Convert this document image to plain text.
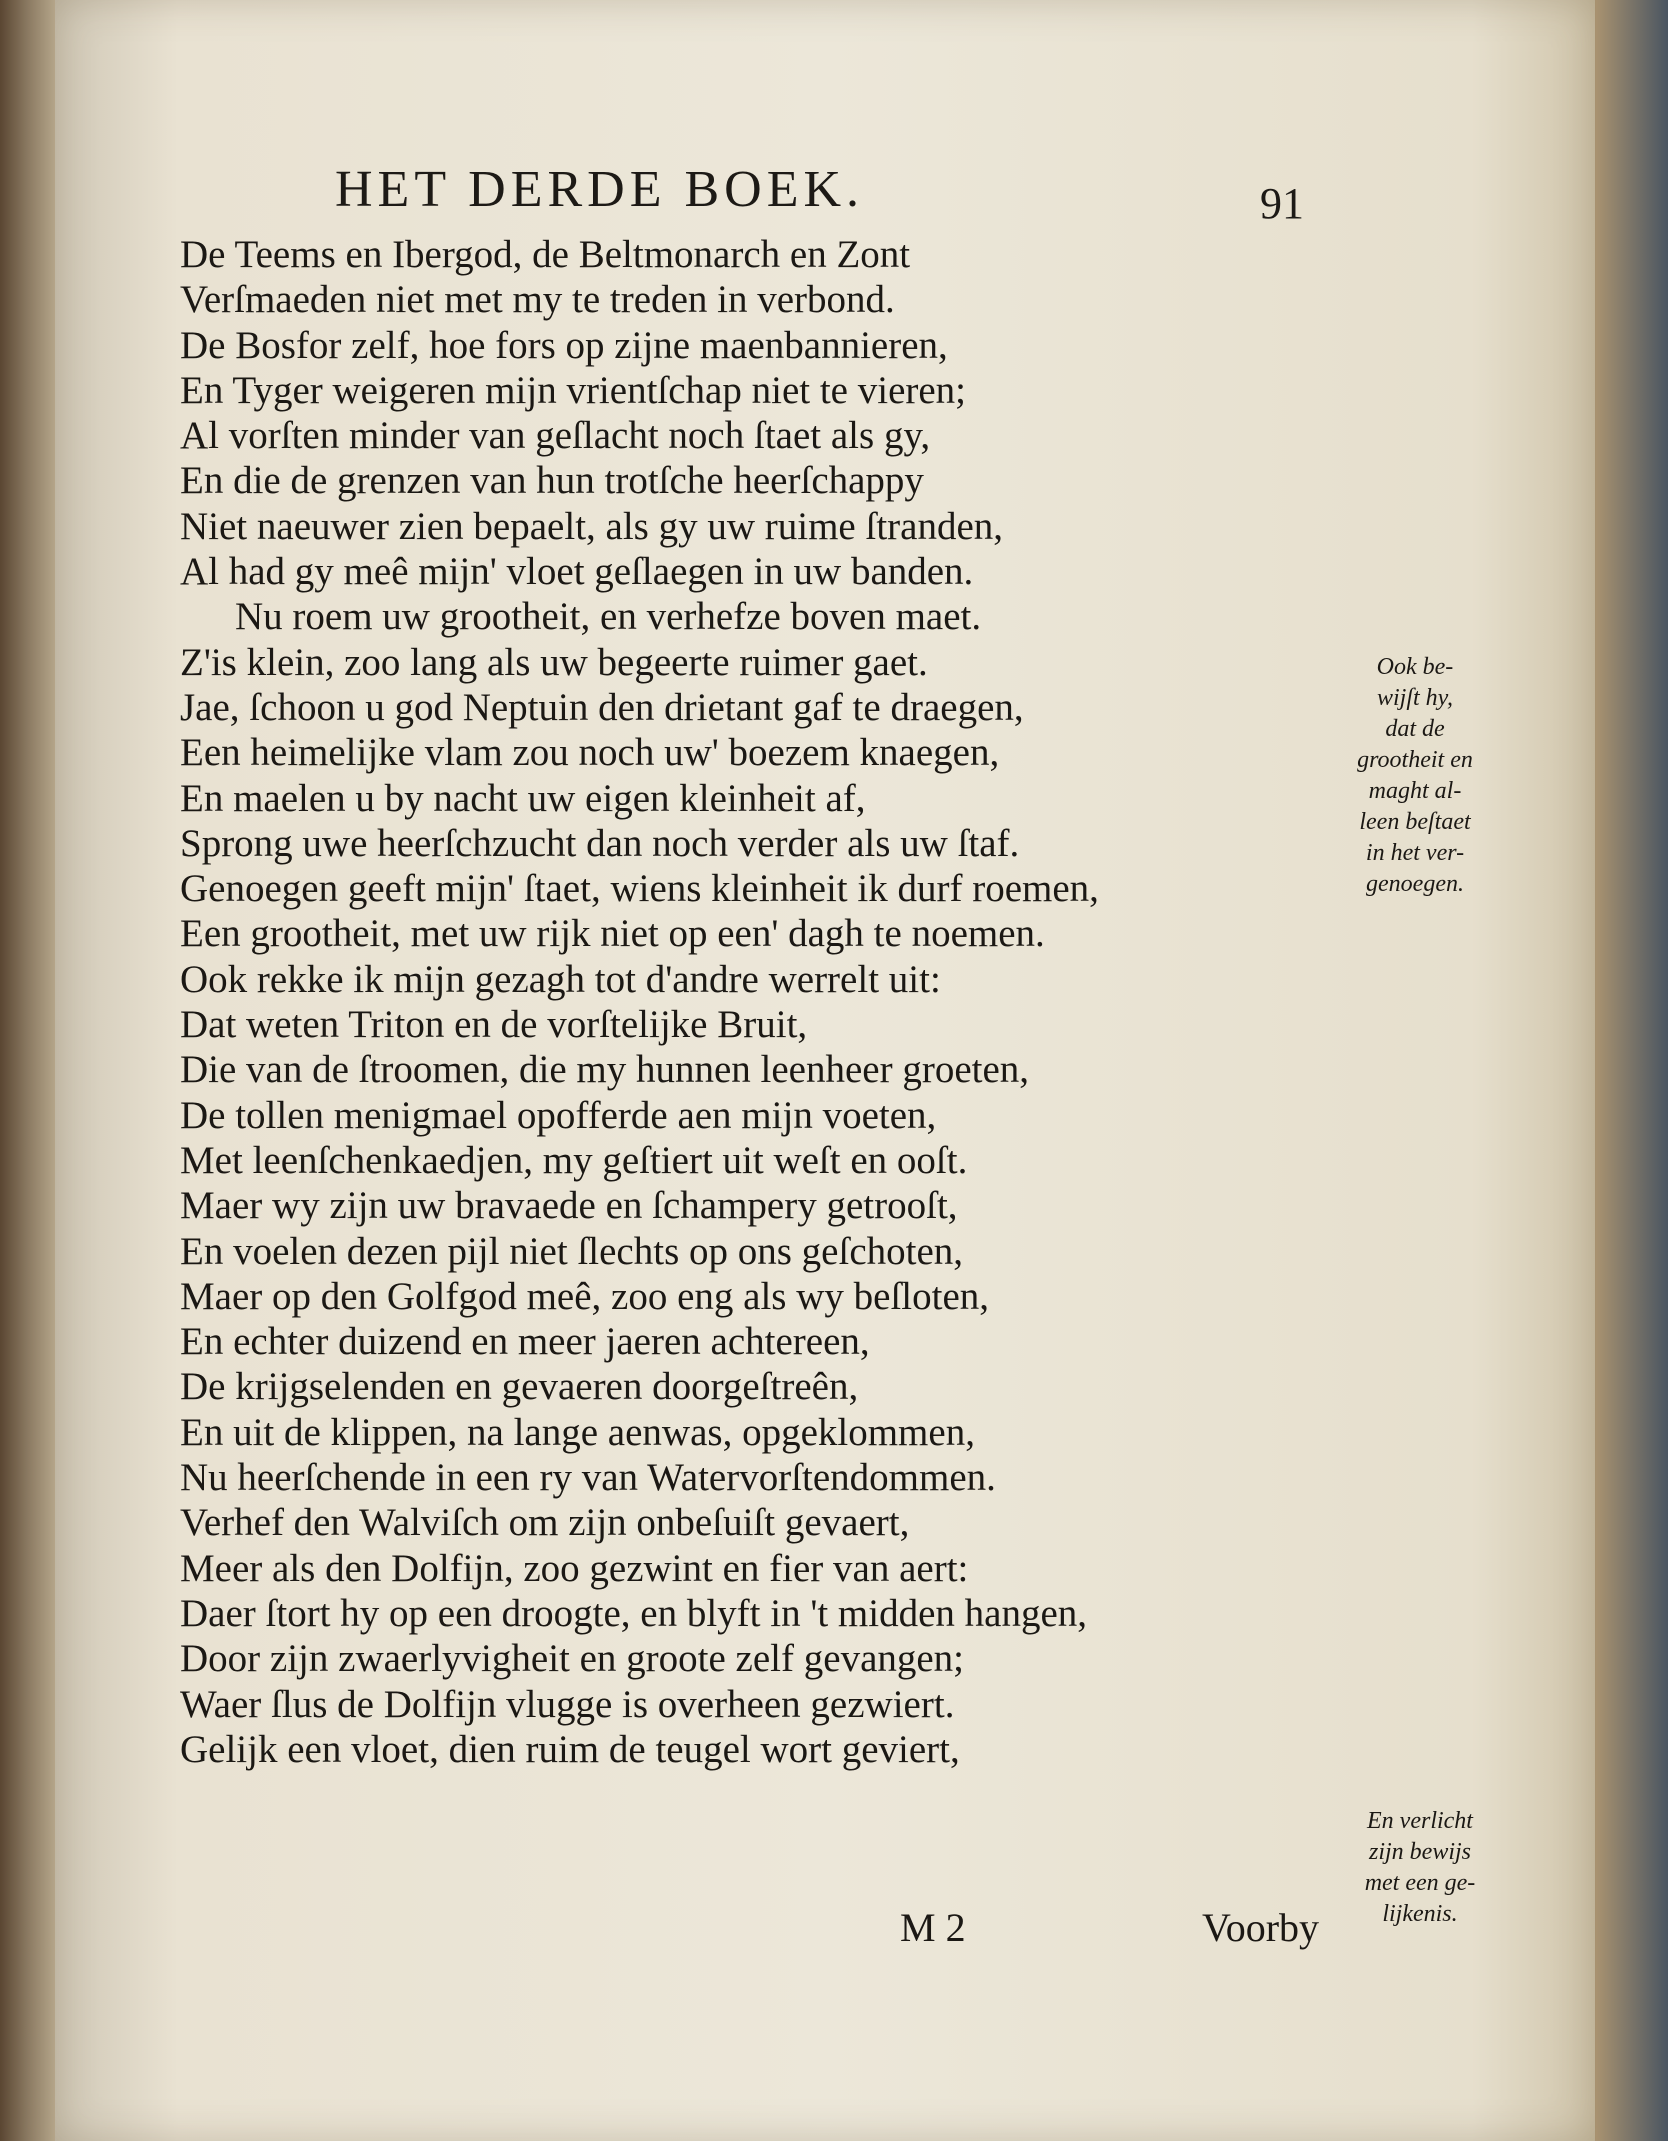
HET DERDE BOEK.	91
De Teems en Ibergod, de Beltmonarch en Zont
Verſmaeden niet met my te treden in verbond.
De Bosfor zelf, hoe fors op zijne maenbannieren,
En Tyger weigeren mijn vrientſchap niet te vieren;
Al vorſten minder van geſlacht noch ſtaet als gy,
En die de grenzen van hun trotſche heerſchappy
Niet naeuwer zien bepaelt, als gy uw ruime ſtranden,
Al had gy meê mijn' vloet geſlaegen in uw banden.
Nu roem uw grootheit, en verhefze boven maet.
Z'is klein, zoo lang als uw begeerte ruimer gaet.
Jae, ſchoon u god Neptuin den drietant gaf te draegen,
Een heimelijke vlam zou noch uw' boezem knaegen,
En maelen u by nacht uw eigen kleinheit af,
Sprong uwe heerſchzucht dan noch verder als uw ſtaf.
Genoegen geeft mijn' ſtaet, wiens kleinheit ik durf roemen,
Een grootheit, met uw rijk niet op een' dagh te noemen.
Ook rekke ik mijn gezagh tot d'andre werrelt uit:
Dat weten Triton en de vorſtelijke Bruit,
Die van de ſtroomen, die my hunnen leenheer groeten,
De tollen menigmael opofferde aen mijn voeten,
Met leenſchenkaedjen, my geſtiert uit weſt en ooſt.
Maer wy zijn uw bravaede en ſchampery getrooſt,
En voelen dezen pijl niet ſlechts op ons geſchoten,
Maer op den Golfgod meê, zoo eng als wy beſloten,
En echter duizend en meer jaeren achtereen,
De krijgselenden en gevaeren doorgeſtreên,
En uit de klippen, na lange aenwas, opgeklommen,
Nu heerſchende in een ry van Watervorſtendommen.
Verhef den Walviſch om zijn onbeſuiſt gevaert,
Meer als den Dolfijn, zoo gezwint en fier van aert:
Daer ſtort hy op een droogte, en blyft in 't midden hangen,
Door zijn zwaerlyvigheit en groote zelf gevangen;
Waer ſlus de Dolfijn vlugge is overheen gezwiert.
Gelijk een vloet, dien ruim de teugel wort geviert,
Ook be-
wijſt hy,
dat de
grootheit en
maght al-
leen beſtaet
in het ver-
genoegen.
En verlicht
zijn bewijs
met een ge-
lijkenis.
M 2	Voorby
